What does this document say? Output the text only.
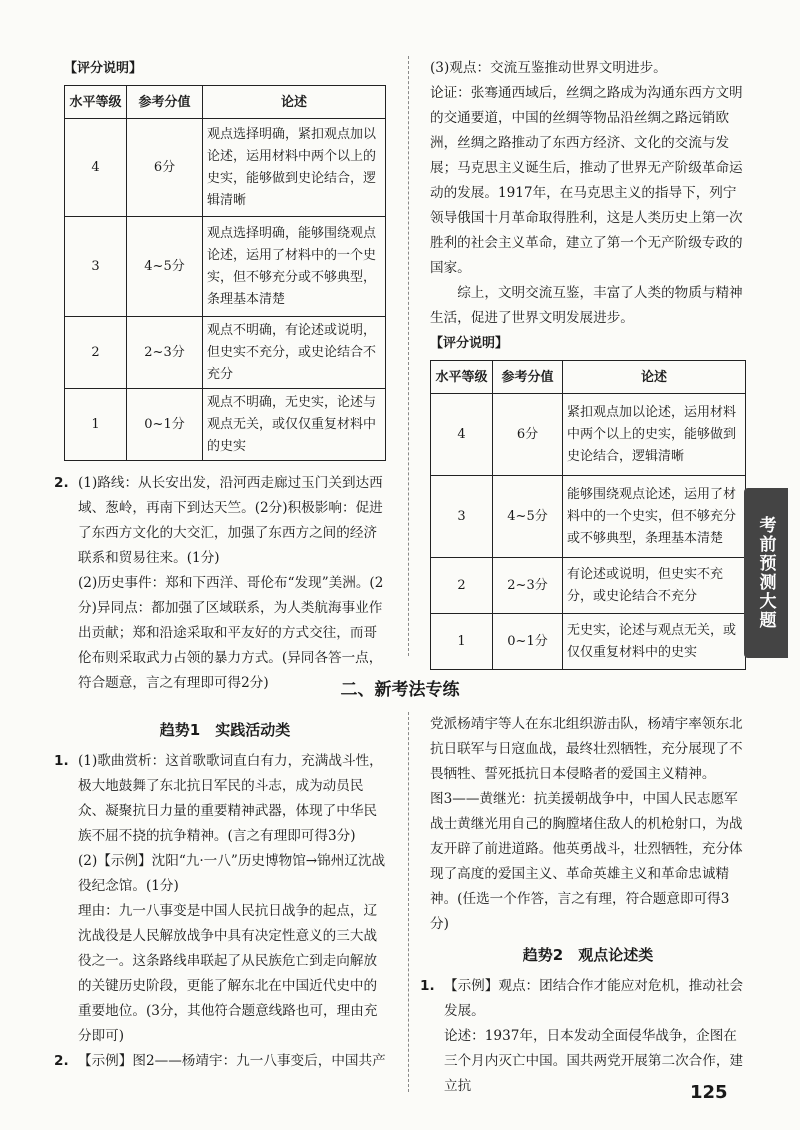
【评分说明】
水平等级	参考分值	论述
4	6分	观点选择明确，紧扣观点加以论述，运用材料中两个以上的史实，能够做到史论结合，逻辑清晰
3	4~5分	观点选择明确，能够围绕观点论述，运用了材料中的一个史实，但不够充分或不够典型，条理基本清楚
2	2~3分	观点不明确，有论述或说明，但史实不充分，或史论结合不充分
1	0~1分	观点不明确，无史实，论述与观点无关，或仅仅重复材料中的史实
2. (1)路线：从长安出发，沿河西走廊过玉门关到达西域、葱岭，再南下到达天竺。(2分)积极影响：促进了东西方文化的大交汇，加强了东西方之间的经济联系和贸易往来。(1分)

(2)历史事件：郑和下西洋、哥伦布“发现”美洲。(2分)异同点：都加强了区域联系，为人类航海事业作出贡献；郑和沿途采取和平友好的方式交往，而哥伦布则采取武力占领的暴力方式。(异同各答一点，符合题意，言之有理即可得2分)

(3)观点：交流互鉴推动世界文明进步。

论证：张骞通西域后，丝绸之路成为沟通东西方文明的交通要道，中国的丝绸等物品沿丝绸之路远销欧洲，丝绸之路推动了东西方经济、文化的交流与发展；马克思主义诞生后，推动了世界无产阶级革命运动的发展。1917年，在马克思主义的指导下，列宁领导俄国十月革命取得胜利，这是人类历史上第一次胜利的社会主义革命，建立了第一个无产阶级专政的国家。

综上，文明交流互鉴，丰富了人类的物质与精神生活，促进了世界文明发展进步。

【评分说明】
水平等级	参考分值	论述
4	6分	紧扣观点加以论述，运用材料中两个以上的史实，能够做到史论结合，逻辑清晰
3	4~5分	能够围绕观点论述，运用了材料中的一个史实，但不够充分或不够典型，条理基本清楚
2	2~3分	有论述或说明，但史实不充分，或史论结合不充分
1	0~1分	无史实，论述与观点无关，或仅仅重复材料中的史实
二、新考法专练
趋势1　实践活动类
1. (1)歌曲赏析：这首歌歌词直白有力，充满战斗性，极大地鼓舞了东北抗日军民的斗志，成为动员民众、凝聚抗日力量的重要精神武器，体现了中华民族不屈不挠的抗争精神。(言之有理即可得3分)

(2)【示例】沈阳“九·一八”历史博物馆→锦州辽沈战役纪念馆。(1分)

理由：九一八事变是中国人民抗日战争的起点，辽沈战役是人民解放战争中具有决定性意义的三大战役之一。这条路线串联起了从民族危亡到走向解放的关键历史阶段，更能了解东北在中国近代史中的重要地位。(3分，其他符合题意线路也可，理由充分即可)

2. 【示例】图2——杨靖宇：九一八事变后，中国共产

党派杨靖宇等人在东北组织游击队，杨靖宇率领东北抗日联军与日寇血战，最终壮烈牺牲，充分展现了不畏牺牲、誓死抵抗日本侵略者的爱国主义精神。

图3——黄继光：抗美援朝战争中，中国人民志愿军战士黄继光用自己的胸膛堵住敌人的机枪射口，为战友开辟了前进道路。他英勇战斗，壮烈牺牲，充分体现了高度的爱国主义、革命英雄主义和革命忠诚精神。(任选一个作答，言之有理，符合题意即可得3分)

趋势2　观点论述类
1. 【示例】观点：团结合作才能应对危机，推动社会发展。

论述：1937年，日本发动全面侵华战争，企图在三个月内灭亡中国。国共两党开展第二次合作，建立抗

考前预测大题
125
